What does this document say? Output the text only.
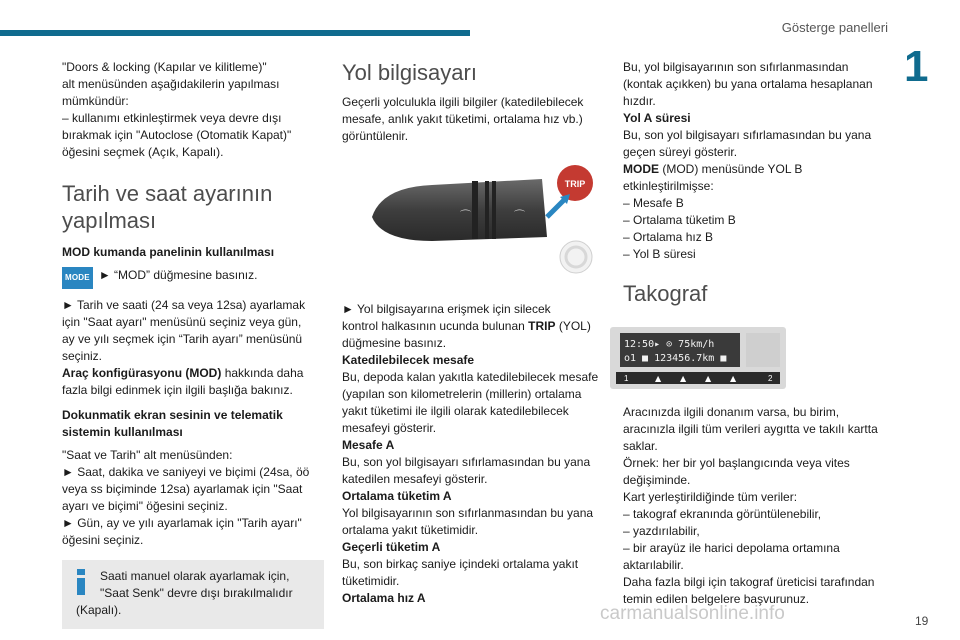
Gösterge panelleri
1

"Doors & locking (Kapılar ve kilitleme)"

alt menüsünden aşağıdakilerin yapılması

mümkündür:

– kullanımı etkinleştirmek veya devre dışı

bırakmak için "Autoclose (Otomatik Kapat)"

öğesini seçmek (Açık, Kapalı).

Tarih ve saat ayarının
yapılması

MOD kumanda panelinin kullanılması

MODE ► “MOD” düğmesine basınız.

► Tarih ve saati (24 sa veya 12sa) ayarlamak

için "Saat ayarı" menüsünü seçiniz veya gün,

ay ve yılı seçmek için “Tarih ayarı” menüsünü

seçiniz.

Araç konfigürasyonu (MOD) hakkında daha

fazla bilgi edinmek için ilgili başlığa bakınız.

Dokunmatik ekran sesinin ve telematik
sistemin kullanılması

"Saat ve Tarih" alt menüsünden:

► Saat, dakika ve saniyeyi ve biçimi (24sa, öö

veya ss biçiminde 12sa) ayarlamak için "Saat

ayarı ve biçimi" öğesini seçiniz.

► Gün, ay ve yılı ayarlamak için "Tarih ayarı"

öğesini seçiniz.

Saati manuel olarak ayarlamak için,

"Saat Senk" devre dışı bırakılmalıdır

(Kapalı).

Yol bilgisayarı

Geçerli yolculukla ilgili bilgiler (katedilebilecek

mesafe, anlık yakıt tüketimi, ortalama hız vb.)

görüntülenir.

⌒	⌒
TRIP

► Yol bilgisayarına erişmek için silecek

kontrol halkasının ucunda bulunan TRIP (YOL)

düğmesine basınız.

Katedilebilecek mesafe

Bu, depoda kalan yakıtla katedilebilecek mesafe

(yapılan son kilometrelerin (millerin) ortalama

yakıt tüketimi ile ilgili olarak katedilebilecek

mesafeyi gösterir.

Mesafe A

Bu, son yol bilgisayarı sıfırlamasından bu yana

katedilen mesafeyi gösterir.

Ortalama tüketim A

Yol bilgisayarının son sıfırlanmasından bu yana

ortalama yakıt tüketimidir.

Geçerli tüketim A

Bu, son birkaç saniye içindeki ortalama yakıt

tüketimidir.

Ortalama hız A

Bu, yol bilgisayarının son sıfırlanmasından

(kontak açıkken) bu yana ortalama hesaplanan

hızdır.

Yol A süresi

Bu, son yol bilgisayarı sıfırlamasından bu yana

geçen süreyi gösterir.

MODE (MOD) menüsünde YOL B

etkinleştirilmişse:

– Mesafe B

– Ortalama tüketim B

– Ortalama hız B

– Yol B süresi

Takograf

12:50▸ ⊙ 75km/h
o1 ■ 123456.7km ■
1	▲ ▲ ▲ ▲	2

Aracınızda ilgili donanım varsa, bu birim,

aracınızla ilgili tüm verileri aygıtta ve takılı kartta

saklar.

Örnek: her bir yol başlangıcında veya vites

değişiminde.

Kart yerleştirildiğinde tüm veriler:

– takograf ekranında görüntülenebilir,

– yazdırılabilir,

– bir arayüz ile harici depolama ortamına

aktarılabilir.

Daha fazla bilgi için takograf üreticisi tarafından

temin edilen belgelere başvurunuz.

carmanualsonline.info	19
